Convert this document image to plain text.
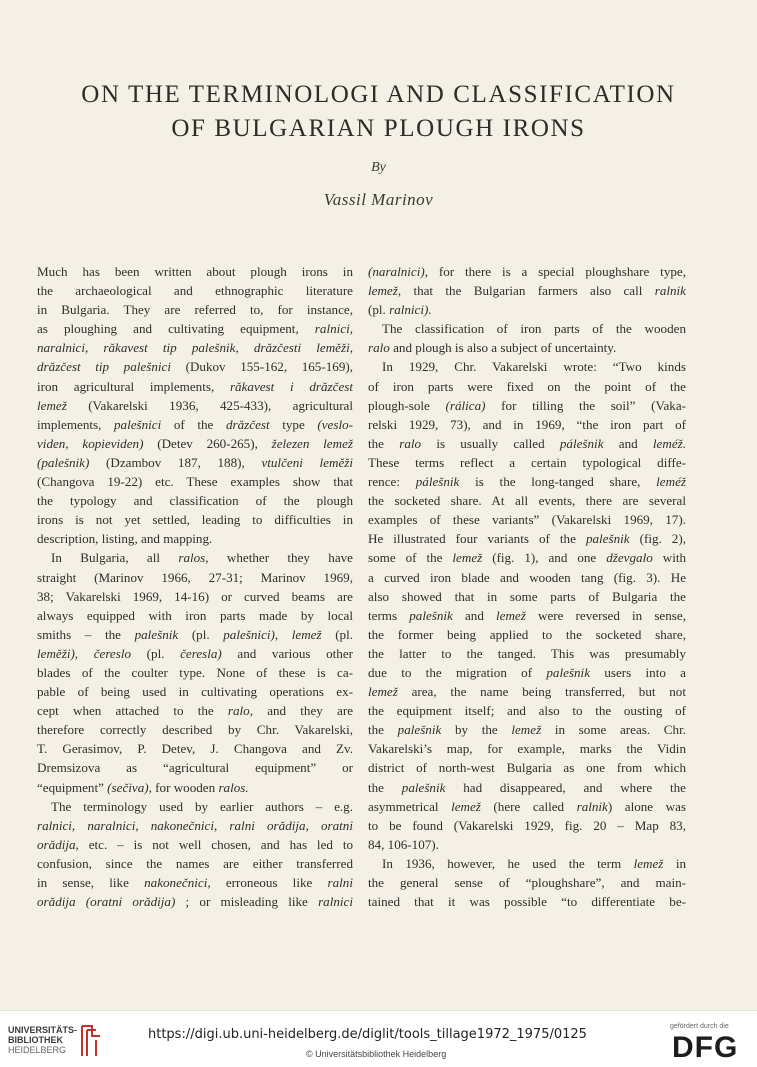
ON THE TERMINOLOGI AND CLASSIFICATION
OF BULGARIAN PLOUGH IRONS
By
Vassil Marinov
Much has been written about plough irons in
the archaeological and ethnographic literature
in Bulgaria. They are referred to, for instance,
as ploughing and cultivating equipment, ralnici,
naralnici, rǎkavest tip palešnik, drǎzčesti leměži,
drǎzčest tip palešnici (Dukov 155-162, 165-169),
iron agricultural implements, rǎkavest i drǎzčest
lemež (Vakarelski 1936, 425-433), agricultural
implements, palešnici of the drǎzčest type (veslo-
viden, kopieviden) (Detev 260-265), železen lemež
(palešnik) (Dzambov 187, 188), vtulčeni leměži
(Changova 19-22) etc. These examples show that
the typology and classification of the plough
irons is not yet settled, leading to difficulties in
description, listing, and mapping.
In Bulgaria, all ralos, whether they have
straight (Marinov 1966, 27-31; Marinov 1969,
38; Vakarelski 1969, 14-16) or curved beams are
always equipped with iron parts made by local
smiths – the palešnik (pl. palešnici), lemež (pl.
leměži), čereslo (pl. čeresla) and various other
blades of the coulter type. None of these is ca-
pable of being used in cultivating operations ex-
cept when attached to the ralo, and they are
therefore correctly described by Chr. Vakarelski,
T. Gerasimov, P. Detev, J. Changova and Zv.
Dremsizova as “agricultural equipment” or
“equipment” (sečiva), for wooden ralos.
The terminology used by earlier authors – e.g.
ralnici, naralnici, nakonečnici, ralni orǎdija, oratni
orǎdija, etc. – is not well chosen, and has led to
confusion, since the names are either transferred
in sense, like nakonečnici, erroneous like ralni
orǎdija (oratni orǎdija) ; or misleading like ralnici
(naralnici), for there is a special ploughshare type,
lemež, that the Bulgarian farmers also call ralnik
(pl. ralnici).
The classification of iron parts of the wooden
ralo and plough is also a subject of uncertainty.
In 1929, Chr. Vakarelski wrote: “Two kinds
of iron parts were fixed on the point of the
plough-sole (rálica) for tilling the soil” (Vaka-
relski 1929, 73), and in 1969, “the iron part of
the ralo is usually called pálešnik and leméž.
These terms reflect a certain typological diffe-
rence: pálešnik is the long-tanged share, leméž
the socketed share. At all events, there are several
examples of these variants” (Vakarelski 1969, 17).
He illustrated four variants of the palešnik (fig. 2),
some of the lemež (fig. 1), and one dževgalo with
a curved iron blade and wooden tang (fig. 3). He
also showed that in some parts of Bulgaria the
terms palešnik and lemež were reversed in sense,
the former being applied to the socketed share,
the latter to the tanged. This was presumably
due to the migration of palešnik users into a
lemež area, the name being transferred, but not
the equipment itself; and also to the ousting of
the palešnik by the lemež in some areas. Chr.
Vakarelski’s map, for example, marks the Vidin
district of north-west Bulgaria as one from which
the palešnik had disappeared, and where the
asymmetrical lemež (here called ralnik) alone was
to be found (Vakarelski 1929, fig. 20 – Map 83,
84, 106-107).
In 1936, however, he used the term lemež in
the general sense of “ploughshare”, and main-
tained that it was possible “to differentiate be-
UNIVERSITÄTS-
BIBLIOTHEK
HEIDELBERG
https://digi.ub.uni-heidelberg.de/diglit/tools_tillage1972_1975/0125
© Universitätsbibliothek Heidelberg
gefördert durch die
DFG
